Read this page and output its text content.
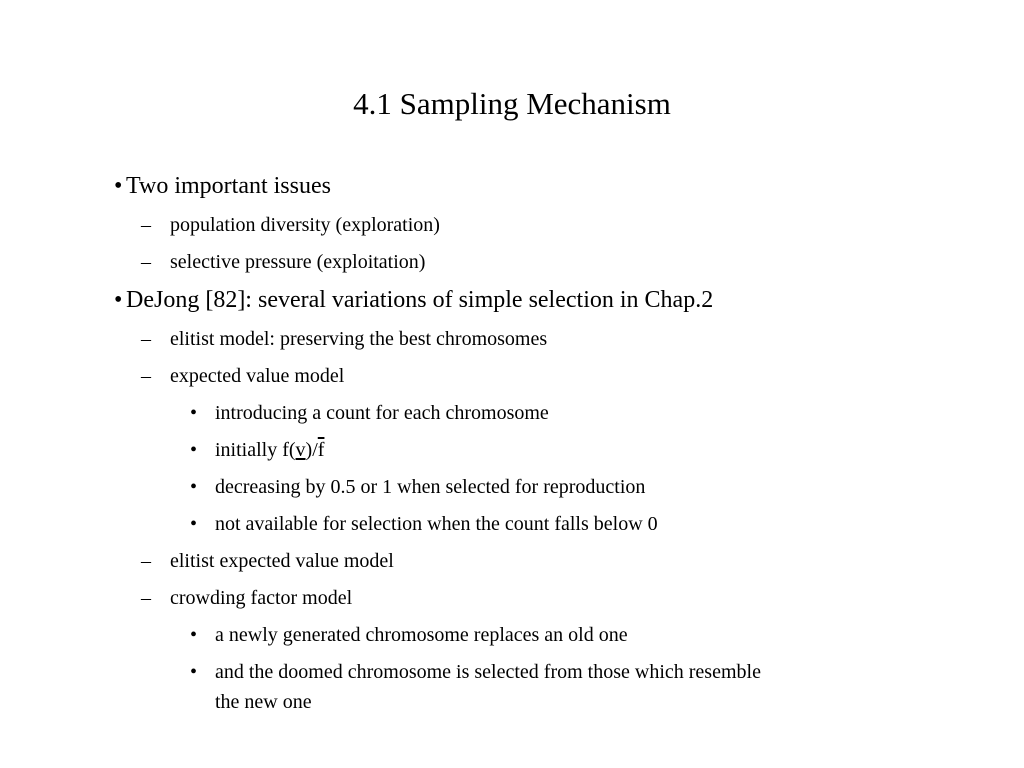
4.1 Sampling Mechanism
• Two important issues
– population diversity (exploration)
– selective pressure (exploitation)
• DeJong [82]: several variations of simple selection in Chap.2
– elitist model: preserving the best chromosomes
– expected value model
• introducing a count for each chromosome
• initially $f(v)/\overline{f}$
• decreasing by 0.5 or 1 when selected for reproduction
• not available for selection when the count falls below 0
– elitist expected value model
– crowding factor model
• a newly generated chromosome replaces an old one
• and the doomed chromosome is selected from those which resemble
the new one
